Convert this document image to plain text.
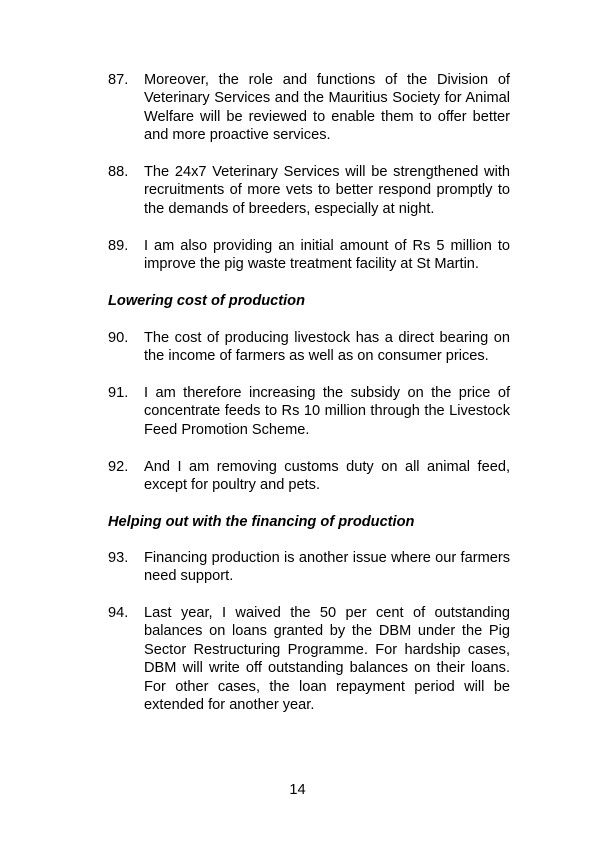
87.	Moreover, the role and functions of the Division of Veterinary Services and the Mauritius Society for Animal Welfare will be reviewed to enable them to offer better and more proactive services.
88.	The 24x7 Veterinary Services will be strengthened with recruitments of more vets to better respond promptly to the demands of breeders, especially at night.
89.	I am also providing an initial amount of Rs 5 million to improve the pig waste treatment facility at St Martin.
Lowering cost of production
90.	The cost of producing livestock has a direct bearing on the income of farmers as well as on consumer prices.
91.	I am therefore increasing the subsidy on the price of concentrate feeds to Rs 10 million through the Livestock Feed Promotion Scheme.
92.	And I am removing customs duty on all animal feed, except for poultry and pets.
Helping out with the financing of production
93.	Financing production is another issue where our farmers need support.
94.	Last year, I waived the 50 per cent of outstanding balances on loans granted by the DBM under the Pig Sector Restructuring Programme. For hardship cases, DBM will write off outstanding balances on their loans. For other cases, the loan repayment period will be extended for another year.
14
